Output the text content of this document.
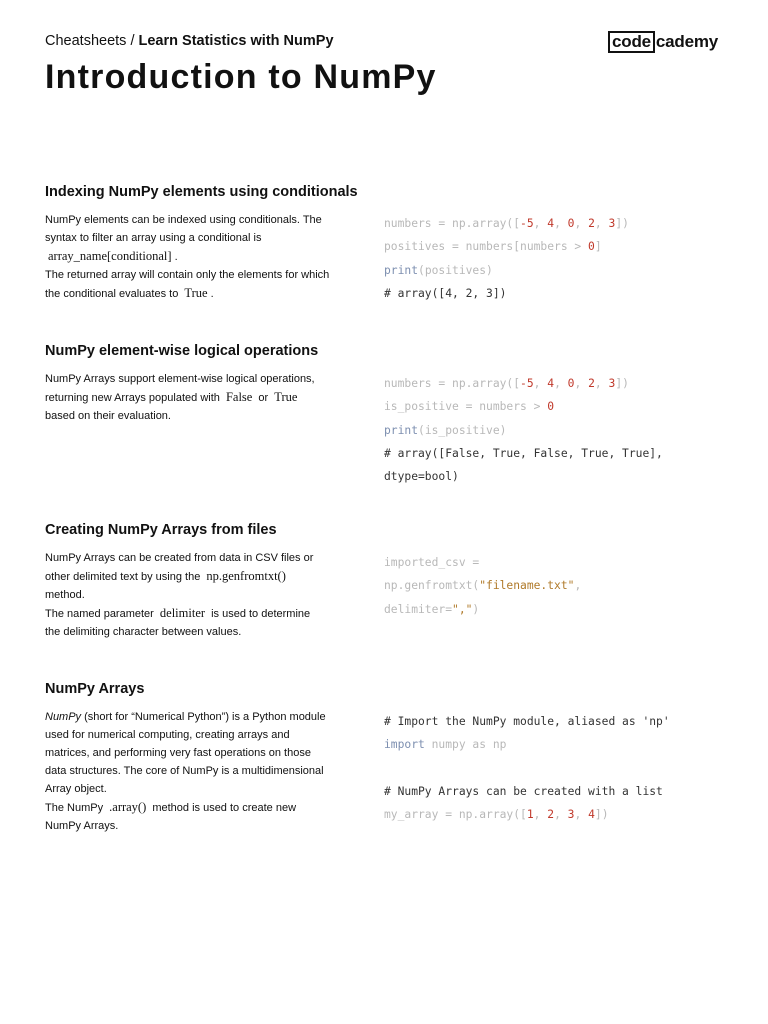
Cheatsheets / Learn Statistics with NumPy	code cademy
Introduction to NumPy
Indexing NumPy elements using conditionals
NumPy elements can be indexed using conditionals. The syntax to filter an array using a conditional is
array_name[conditional] .
The returned array will contain only the elements for which the conditional evaluates to True .
numbers = np.array([-5, 4, 0, 2, 3])
positives = numbers[numbers > 0]
print(positives)
# array([4, 2, 3])
NumPy element-wise logical operations
NumPy Arrays support element-wise logical operations,
returning new Arrays populated with False or True
based on their evaluation.
numbers = np.array([-5, 4, 0, 2, 3])
is_positive = numbers > 0
print(is_positive)
# array([False, True, False, True, True],
dtype=bool)
Creating NumPy Arrays from files
NumPy Arrays can be created from data in CSV files or
other delimited text by using the np.genfromtxt()
method.
The named parameter delimiter is used to determine
the delimiting character between values.
imported_csv =
np.genfromtxt("filename.txt",
delimiter=",")
NumPy Arrays
NumPy (short for “Numerical Python”) is a Python module
used for numerical computing, creating arrays and
matrices, and performing very fast operations on those
data structures. The core of NumPy is a multidimensional
Array object.
The NumPy .array() method is used to create new
NumPy Arrays.
# Import the NumPy module, aliased as 'np'
import numpy as np
# NumPy Arrays can be created with a list
my_array = np.array([1, 2, 3, 4])
